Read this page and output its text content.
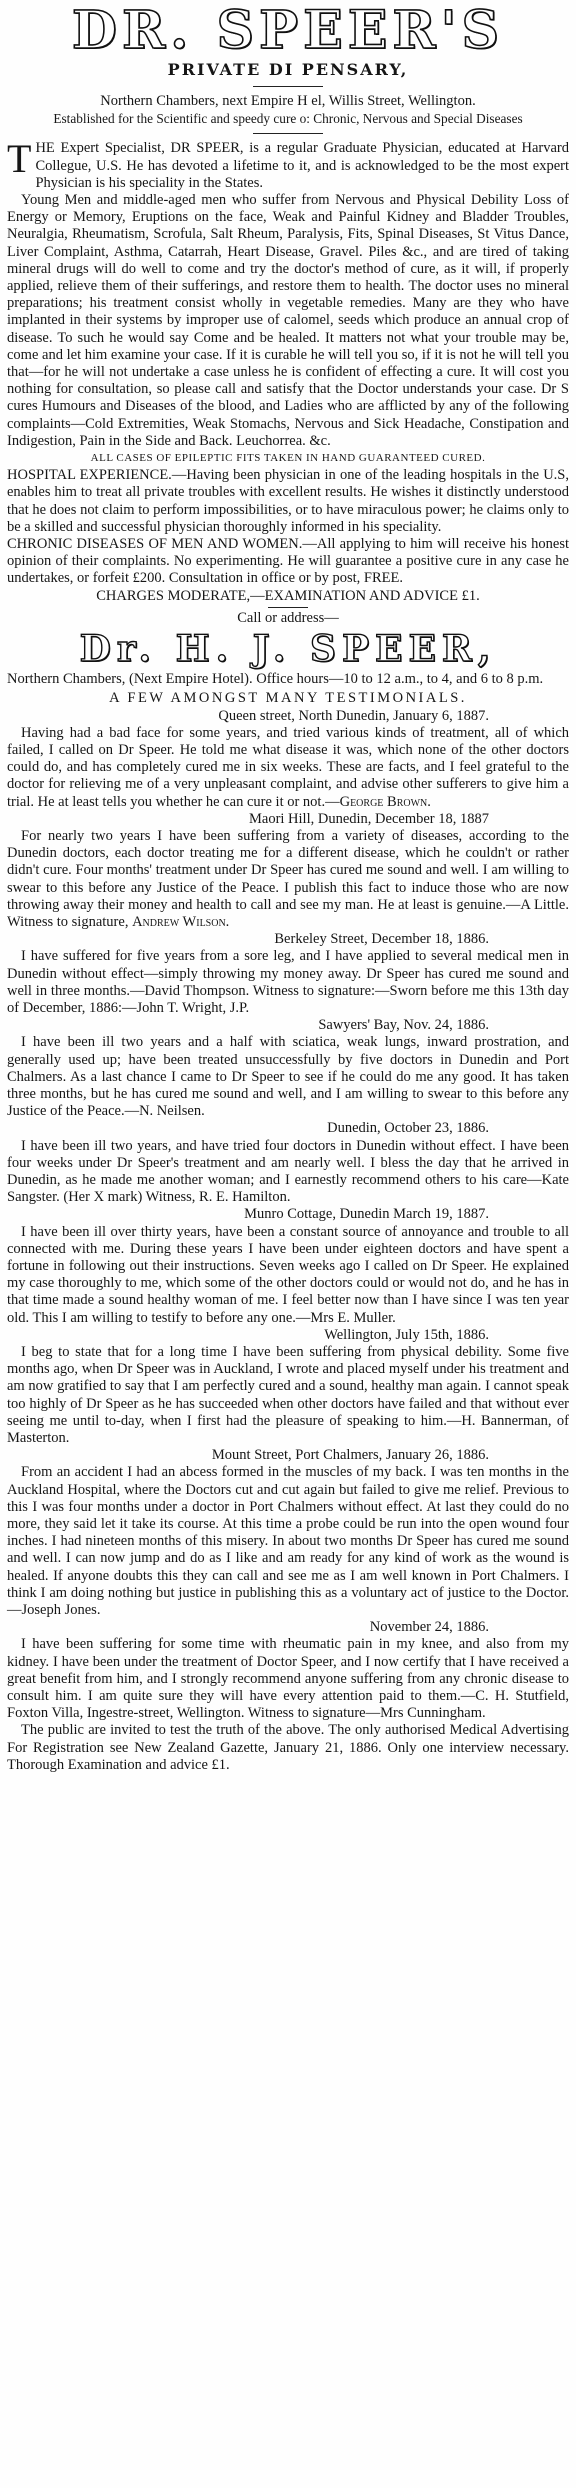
DR. SPEER'S
PRIVATE DI PENSARY,
Northern Chambers, next Empire H el, Willis Street, Wellington.
Established for the Scientific and speedy cure o: Chronic, Nervous and Special Diseases

THE Expert Specialist, DR SPEER, is a regular Graduate Physician, educated at Harvard Collegue, U.S. He has devoted a lifetime to it, and is acknowledged to be the most expert Physician is his speciality in the States.

Young Men and middle-aged men who suffer from Nervous and Physical Debility Loss of Energy or Memory, Eruptions on the face, Weak and Painful Kidney and Bladder Troubles, Neuralgia, Rheumatism, Scrofula, Salt Rheum, Paralysis, Fits, Spinal Diseases, St Vitus Dance, Liver Complaint, Asthma, Catarrah, Heart Disease, Gravel. Piles &c., and are tired of taking mineral drugs will do well to come and try the doctor's method of cure, as it will, if properly applied, relieve them of their sufferings, and restore them to health. The doctor uses no mineral preparations; his treatment consist wholly in vegetable remedies. Many are they who have implanted in their systems by improper use of calomel, seeds which produce an annual crop of disease. To such he would say Come and be healed. It matters not what your trouble may be, come and let him examine your case. If it is curable he will tell you so, if it is not he will tell you that—for he will not undertake a case unless he is confident of effecting a cure. It will cost you nothing for consultation, so please call and satisfy that the Doctor understands your case. Dr S cures Humours and Diseases of the blood, and Ladies who are afflicted by any of the following complaints—Cold Extremities, Weak Stomachs, Nervous and Sick Headache, Constipation and Indigestion, Pain in the Side and Back. Leuchorrea. &c.

ALL CASES OF EPILEPTIC FITS TAKEN IN HAND GUARANTEED CURED.

HOSPITAL EXPERIENCE.—Having been physician in one of the leading hospitals in the U.S, enables him to treat all private troubles with excellent results. He wishes it distinctly understood that he does not claim to perform impossibilities, or to have miraculous power; he claims only to be a skilled and successful physician thoroughly informed in his speciality.

CHRONIC DISEASES OF MEN AND WOMEN.—All applying to him will receive his honest opinion of their complaints. No experimenting. He will guarantee a positive cure in any case he undertakes, or forfeit £200. Consultation in office or by post, FREE.

CHARGES MODERATE,—EXAMINATION AND ADVICE £1.
Call or address—
Dr. H. J. SPEER,

Northern Chambers, (Next Empire Hotel). Office hours—10 to 12 a.m., to 4, and 6 to 8 p.m.

A FEW AMONGST MANY TESTIMONIALS.
Queen street, North Dunedin, January 6, 1887.

Having had a bad face for some years, and tried various kinds of treatment, all of which failed, I called on Dr Speer. He told me what disease it was, which none of the other doctors could do, and has completely cured me in six weeks. These are facts, and I feel grateful to the doctor for relieving me of a very unpleasant complaint, and advise other sufferers to give him a trial. He at least tells you whether he can cure it or not.—George Brown.

Maori Hill, Dunedin, December 18, 1887

For nearly two years I have been suffering from a variety of diseases, according to the Dunedin doctors, each doctor treating me for a different disease, which he couldn't or rather didn't cure. Four months' treatment under Dr Speer has cured me sound and well. I am willing to swear to this before any Justice of the Peace. I publish this fact to induce those who are now throwing away their money and health to call and see my man. He at least is genuine.—A Little. Witness to signature, Andrew Wilson.

Berkeley Street, December 18, 1886.

I have suffered for five years from a sore leg, and I have applied to several medical men in Dunedin without effect—simply throwing my money away. Dr Speer has cured me sound and well in three months.—David Thompson. Witness to signature:—Sworn before me this 13th day of December, 1886:—John T. Wright, J.P.

Sawyers' Bay, Nov. 24, 1886.

I have been ill two years and a half with sciatica, weak lungs, inward prostration, and generally used up; have been treated unsuccessfully by five doctors in Dunedin and Port Chalmers. As a last chance I came to Dr Speer to see if he could do me any good. It has taken three months, but he has cured me sound and well, and I am willing to swear to this before any Justice of the Peace.—N. Neilsen.

Dunedin, October 23, 1886.

I have been ill two years, and have tried four doctors in Dunedin without effect. I have been four weeks under Dr Speer's treatment and am nearly well. I bless the day that he arrived in Dunedin, as he made me another woman; and I earnestly recommend others to his care—Kate Sangster. (Her X mark) Witness, R. E. Hamilton.

Munro Cottage, Dunedin March 19, 1887.

I have been ill over thirty years, have been a constant source of annoyance and trouble to all connected with me. During these years I have been under eighteen doctors and have spent a fortune in following out their instructions. Seven weeks ago I called on Dr Speer. He explained my case thoroughly to me, which some of the other doctors could or would not do, and he has in that time made a sound healthy woman of me. I feel better now than I have since I was ten year old. This I am willing to testify to before any one.—Mrs E. Muller.

Wellington, July 15th, 1886.

I beg to state that for a long time I have been suffering from physical debility. Some five months ago, when Dr Speer was in Auckland, I wrote and placed myself under his treatment and am now gratified to say that I am perfectly cured and a sound, healthy man again. I cannot speak too highly of Dr Speer as he has succeeded when other doctors have failed and that without ever seeing me until to-day, when I first had the pleasure of speaking to him.—H. Bannerman, of Masterton.

Mount Street, Port Chalmers, January 26, 1886.

From an accident I had an abcess formed in the muscles of my back. I was ten months in the Auckland Hospital, where the Doctors cut and cut again but failed to give me relief. Previous to this I was four months under a doctor in Port Chalmers without effect. At last they could do no more, they said let it take its course. At this time a probe could be run into the open wound four inches. I had nineteen months of this misery. In about two months Dr Speer has cured me sound and well. I can now jump and do as I like and am ready for any kind of work as the wound is healed. If anyone doubts this they can call and see me as I am well known in Port Chalmers. I think I am doing nothing but justice in publishing this as a voluntary act of justice to the Doctor.—Joseph Jones.

November 24, 1886.

I have been suffering for some time with rheumatic pain in my knee, and also from my kidney. I have been under the treatment of Doctor Speer, and I now certify that I have received a great benefit from him, and I strongly recommend anyone suffering from any chronic disease to consult him. I am quite sure they will have every attention paid to them.—C. H. Stutfield, Foxton Villa, Ingestre-street, Wellington. Witness to signature—Mrs Cunningham.

The public are invited to test the truth of the above. The only authorised Medical Advertising For Registration see New Zealand Gazette, January 21, 1886. Only one interview necessary. Thorough Examination and advice £1.
